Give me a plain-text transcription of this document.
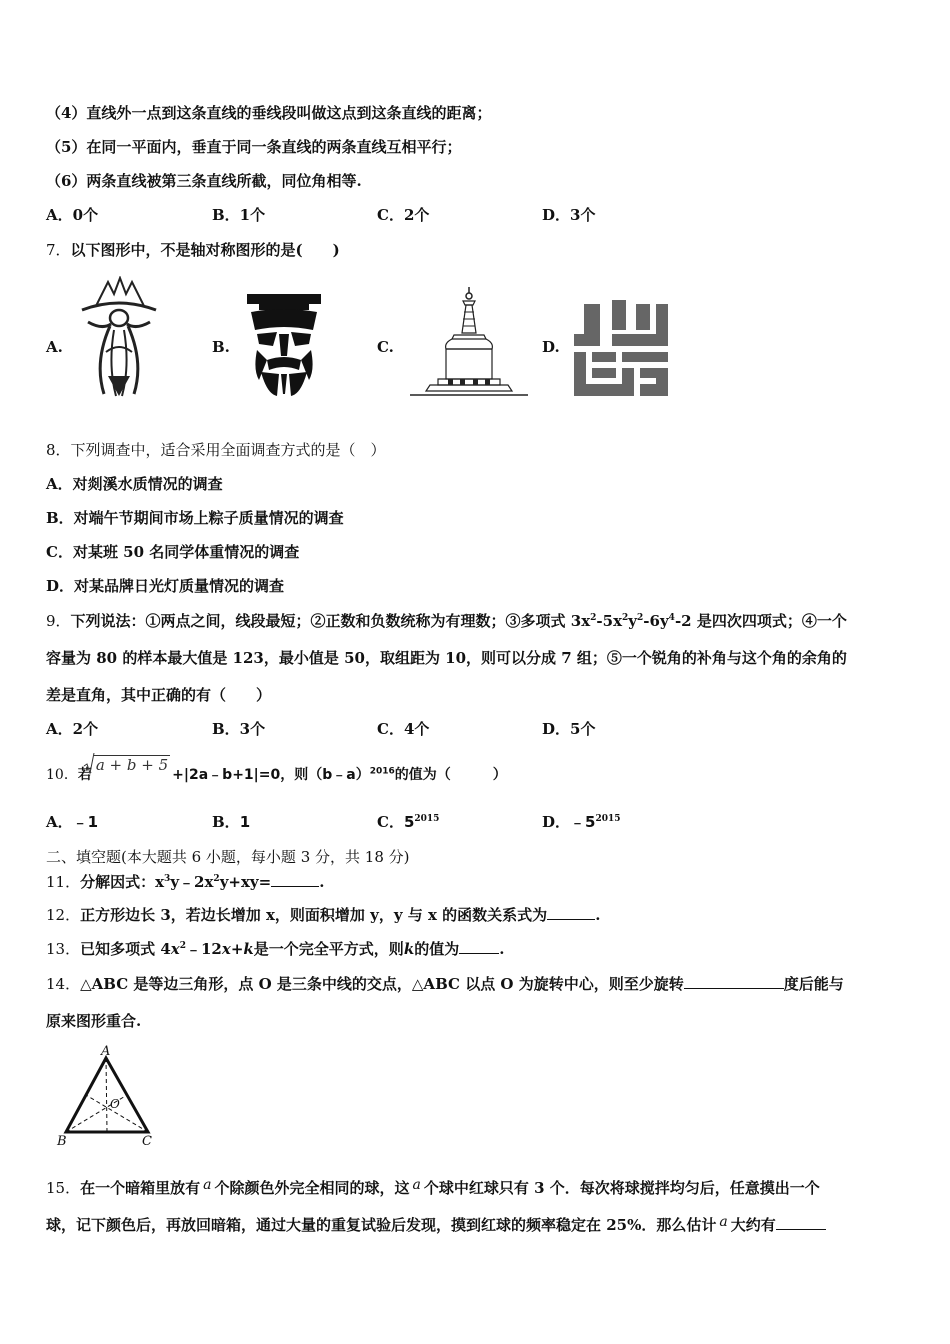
（4）直线外一点到这条直线的垂线段叫做这点到这条直线的距离；
（5）在同一平面内，垂直于同一条直线的两条直线互相平行；
（6）两条直线被第三条直线所截，同位角相等.
A．0个	B．1个	C．2个	D．3个
7．以下图形中，不是轴对称图形的是(　　)
A.	B.	C.	D.
8．下列调查中，适合采用全面调查方式的是（　）
A．对剡溪水质情况的调查
B．对端午节期间市场上粽子质量情况的调查
C．对某班 50 名同学体重情况的调查
D．对某品牌日光灯质量情况的调查
9．下列说法：①两点之间，线段最短；②正数和负数统称为有理数；③多项式 $3x^2-5x^2y^2-6y^4-2$ 是四次四项式；④一个
容量为 80 的样本最大值是 123，最小值是 50，取组距为 10，则可以分成 7 组；⑤一个锐角的补角与这个角的余角的
差是直角，其中正确的有（　　）
A．2个	B．3个	C．4个	D．5个
10．若
a + b + 5+|2a﹣b+1|=0，则（b﹣a）$^{2016}$的值为（　　　）
A．﹣1	B．1	C．$5^{2015}$	D．$﹣5^{2015}$
二、填空题(本大题共 6 小题，每小题 3 分，共 18 分)
11．分解因式：$x^3y﹣2x^2y+xy=$	.
12．正方形边长 3，若边长增加 x，则面积增加 y，y 与 x 的函数关系式为	.
13．已知多项式 $4x^2﹣12x+k$是一个完全平方式，则k的值为	.
14．△ABC 是等边三角形，点 O 是三条中线的交点，△ABC 以点 O 为旋转中心，则至少旋转	度后能与
原来图形重合.
A
B	C
O
15．在一个暗箱里放有 a 个除颜色外完全相同的球，这 a 个球中红球只有 3 个．每次将球搅拌均匀后，任意摸出一个
球，记下颜色后，再放回暗箱，通过大量的重复试验后发现，摸到红球的频率稳定在 25%．那么估计 a 大约有
